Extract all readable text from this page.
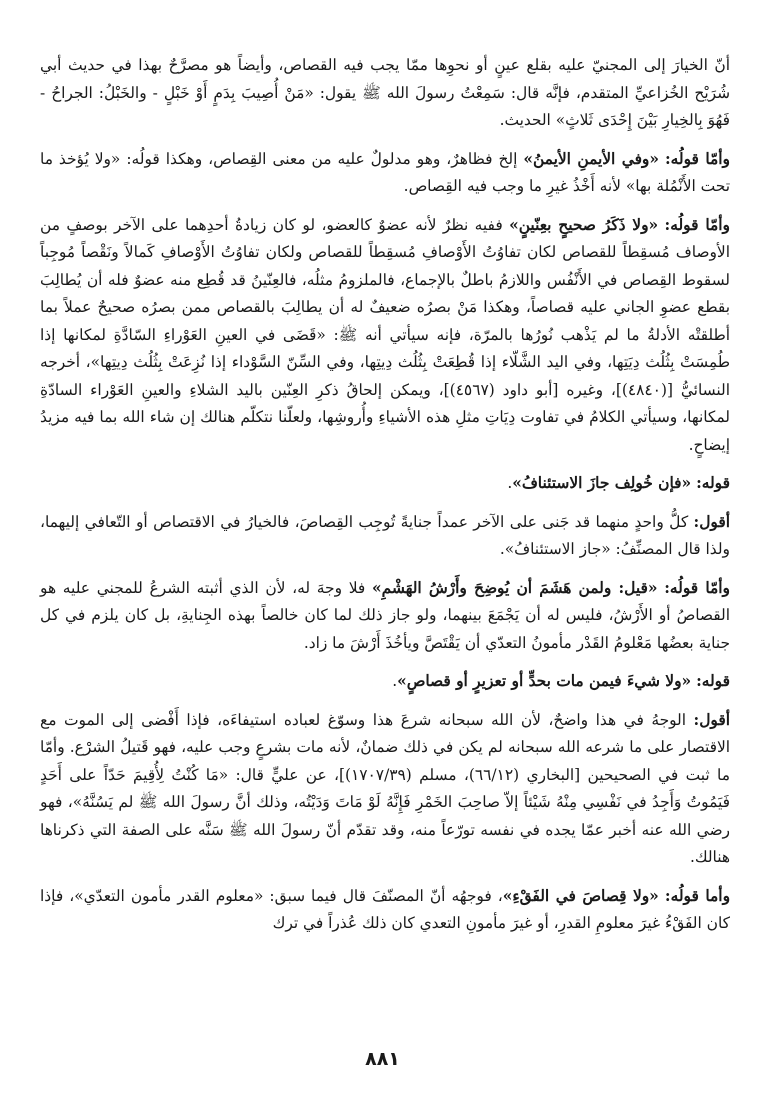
أنّ الخيارَ إلى المجنيّ عليه بقلع عينٍ أو نحوِها ممّا يجب فيه القصاص، وأيضاً هو مصرَّحٌ بهذا في حديث أبي شُرَيْح الخُزاعيِّ المتقدم، فإنَّه قال: سَمِعْتُ رسولَ الله ﷺ يقول: «مَنْ أُصِيبَ بِدَمٍ أَوْ خَبْلٍ - والخَبْلُ: الجراحُ - فَهُوَ بِالخِيارِ بَيْنَ إِحْدَى ثَلاثٍ» الحديث.

وأمّا قولُه: «وفي الأيمنِ الأيمنُ» إلخ فظاهرٌ، وهو مدلولٌ عليه من معنى القِصاص، وهكذا قولُه: «ولا يُؤخذ ما تحت الأَنْمُلة بها» لأنه أَخْذُ غيرِ ما وجب فيه القِصاص.

وأمّا قولُه: «ولا ذَكَرُ صحيحٍ بعِنّينٍ» ففيه نظرٌ لأنه عضوٌ كالعضو، لو كان زيادةُ أحدِهما على الآخر بوصفٍ من الأوصاف مُسقِطاً للقصاص لكان تفاوُتُ الأَوْصافِ مُسقِطاً للقصاص ولكان تفاوُتُ الأَوْصافِ كَمالاً ونَقْصاً مُوجِباً لسقوط القِصاص في الأَنْفُس واللازمُ باطلٌ بالإجماع، فالملزومُ مثلُه، فالعِنّينُ قد قُطِع منه عضوٌ فله أن يُطالِبَ بقطع عضوِ الجاني عليه قصاصاً، وهكذا مَنْ بصرُه ضعيفٌ له أن يطالِبَ بالقصاص ممن بصرُه صحيحٌ عملاً بما أطلقتْه الأدلةُ ما لم يَذْهب نُورُها بالمرّة، فإنه سيأتي أنه ﷺ: «قَضَى في العينِ العَوْراءِ السّادَّةِ لمكانها إذا طُمِسَتْ بِثُلُث دِيَتِها، وفي اليد الشَّلّاء إذا قُطِعَتْ بِثُلُث دِيتِها، وفي السِّنّ السَّوْداء إذا نُزِعَتْ بِثُلُث دِيتِها»، أخرجه النسائيُّ [(٤٨٤٠)]، وغيره [أبو داود (٤٥٦٧)]، ويمكن إلحاقُ ذكرِ العِنّين باليد الشلاءِ والعينِ العَوْراء السادّةِ لمكانها، وسيأتي الكلامُ في تفاوت دِيَاتِ مثلِ هذه الأشياءِ وأُروشِها، ولعلّنا نتكلّم هنالك إن شاء الله بما فيه مزيدُ إيضاحٍ.

قوله: «فإن خُولِف جازَ الاستئنافُ».

أقول: كلُّ واحدٍ منهما قد جَنى على الآخر عمداً جنايةً تُوجِب القِصاصَ، فالخيارُ في الاقتصاص أو التّعافي إليهما، ولذا قال المصنِّفُ: «جاز الاستئنافُ».

وأمّا قولُه: «قيل: ولمن هَشَمَ أن يُوضِحَ وأَرْشُ الهَشْمِ» فلا وجهَ له، لأن الذي أثبته الشرعُ للمجني عليه هو القصاصُ أو الأَرْشُ، فليس له أن يَجْمَعَ بينهما، ولو جاز ذلك لما كان خالصاً بهذه الجِنايةِ، بل كان يلزم في كل جناية بعضُها مَعْلومُ القَدْر مأمونُ التعدّي أن يَقْتَصَّ ويأخُذَ أَرْشَ ما زاد.

قوله: «ولا شيءَ فيمن مات بحدٍّ أو تعزيرٍ أو قصاصٍ».

أقول: الوجهُ في هذا واضحٌ، لأن الله سبحانه شرعَ هذا وسوّغ لعباده استيفاءَه، فإذا أَفْضى إلى الموت مع الاقتصار على ما شرعه الله سبحانه لم يكن في ذلك ضمانٌ، لأنه مات بشرعٍ وجب عليه، فهو قَتيلُ الشرْع. وأمّا ما ثبت في الصحيحين [البخاري (٦٦/١٢)، مسلم (١٧٠٧/٣٩)]، عن عليٍّ قال: «مَا كُنْتُ لِأُقِيمَ حَدّاً على أَحَدٍ فَيَمُوتُ وَأَجِدُ في نَفْسِي مِنْهُ شَيْئاً إلاّ صاحِبَ الخَمْرِ فَإِنَّهُ لَوْ مَاتَ وَدَيْتُه، وذلك أنَّ رسولَ الله ﷺ لم يَسُنَّهُ»، فهو رضي الله عنه أخبر عمّا يجده في نفسه تورّعاً منه، وقد تقدّم أنّ رسولَ الله ﷺ سَنَّه على الصفة التي ذكرناها هنالك.

وأما قولُه: «ولا قِصاصَ في الفَقْءِ»، فوجهُه أنّ المصنّفَ قال فيما سبق: «معلوم القدر مأمون التعدّي»، فإذا كان الفَقْءُ غيرَ معلومِ القدرِ، أو غيرَ مأمونِ التعدي كان ذلك عُذراً في ترك

٨٨١
